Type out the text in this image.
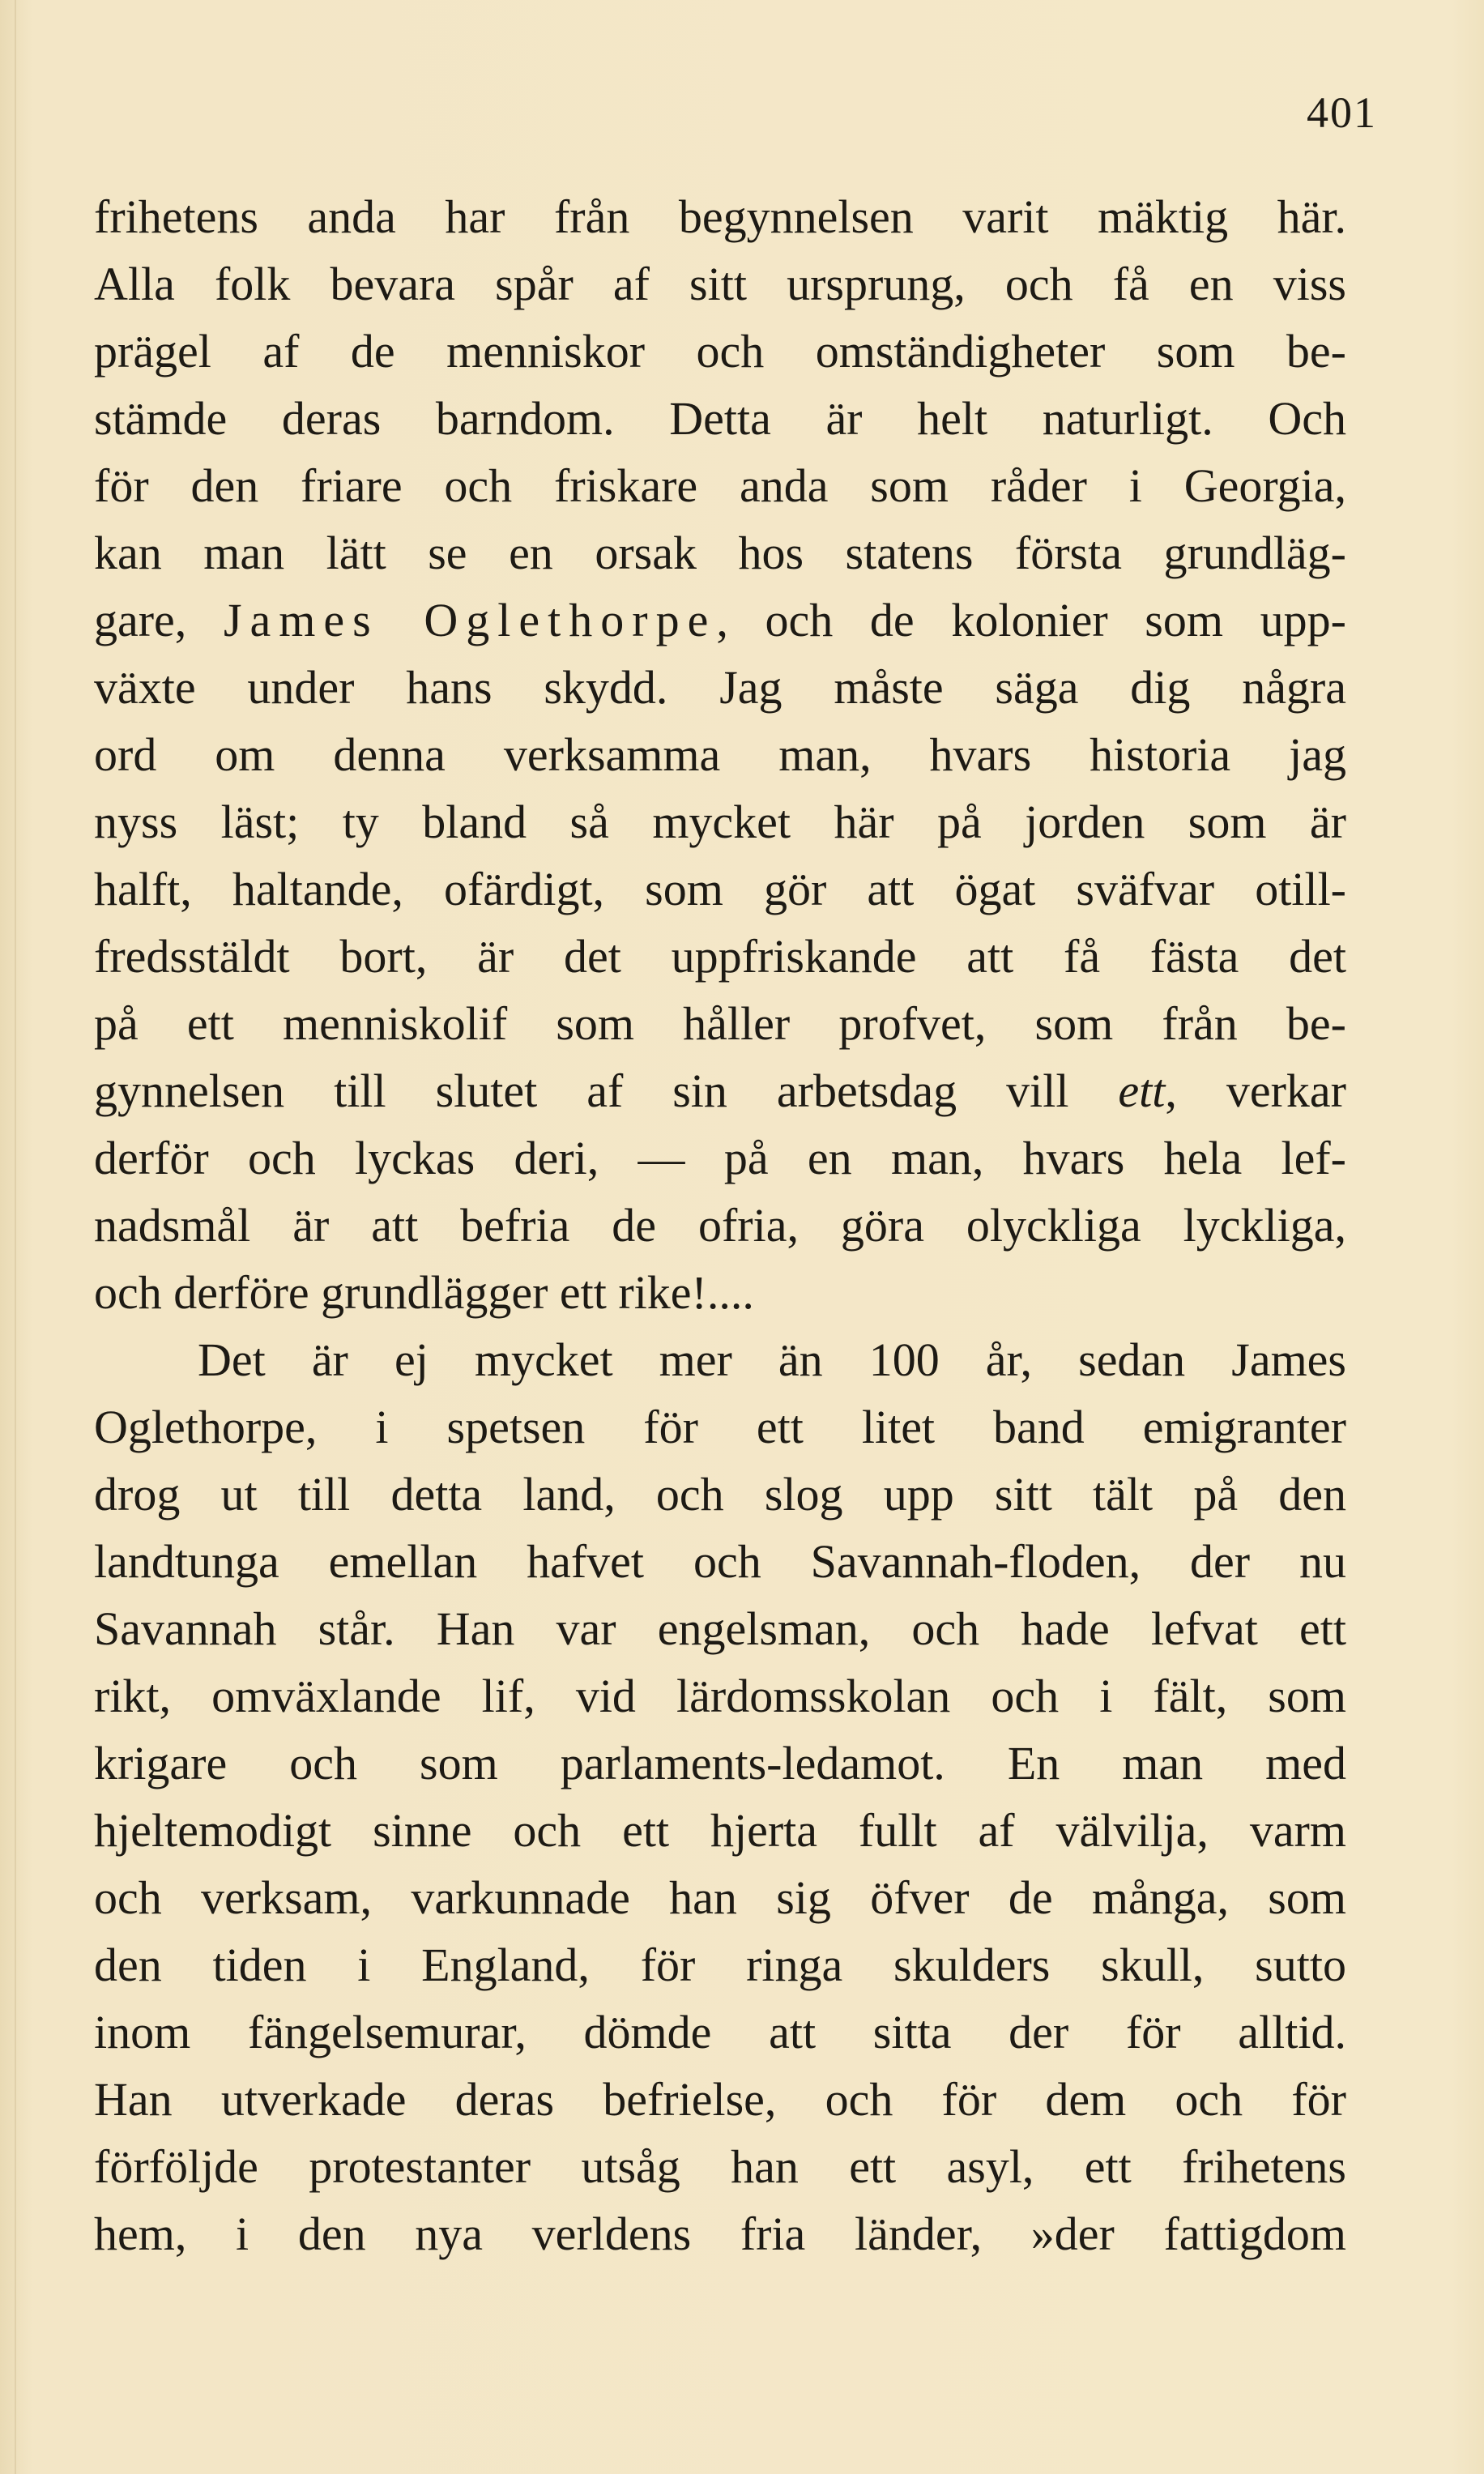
401
frihetens anda har från begynnelsen varit mäktig här.
Alla folk bevara spår af sitt ursprung, och få en viss
prägel af de menniskor och omständigheter som be-
stämde deras barndom. Detta är helt naturligt. Och
för den friare och friskare anda som råder i Georgia,
kan man lätt se en orsak hos statens första grundläg-
gare, James Oglethorpe, och de kolonier som upp-
växte under hans skydd. Jag måste säga dig några
ord om denna verksamma man, hvars historia jag
nyss läst; ty bland så mycket här på jorden som är
halft, haltande, ofärdigt, som gör att ögat sväfvar otill-
fredsstäldt bort, är det uppfriskande att få fästa det
på ett menniskolif som håller profvet, som från be-
gynnelsen till slutet af sin arbetsdag vill ett, verkar
derför och lyckas deri, — på en man, hvars hela lef-
nadsmål är att befria de ofria, göra olyckliga lyckliga,
och derföre grundlägger ett rike!....
Det är ej mycket mer än 100 år, sedan James
Oglethorpe, i spetsen för ett litet band emigranter
drog ut till detta land, och slog upp sitt tält på den
landtunga emellan hafvet och Savannah-floden, der nu
Savannah står. Han var engelsman, och hade lefvat ett
rikt, omväxlande lif, vid lärdomsskolan och i fält, som
krigare och som parlaments-ledamot. En man med
hjeltemodigt sinne och ett hjerta fullt af välvilja, varm
och verksam, varkunnade han sig öfver de många, som
den tiden i England, för ringa skulders skull, sutto
inom fängelsemurar, dömde att sitta der för alltid.
Han utverkade deras befrielse, och för dem och för
förföljde protestanter utsåg han ett asyl, ett frihetens
hem, i den nya verldens fria länder, »der fattigdom
